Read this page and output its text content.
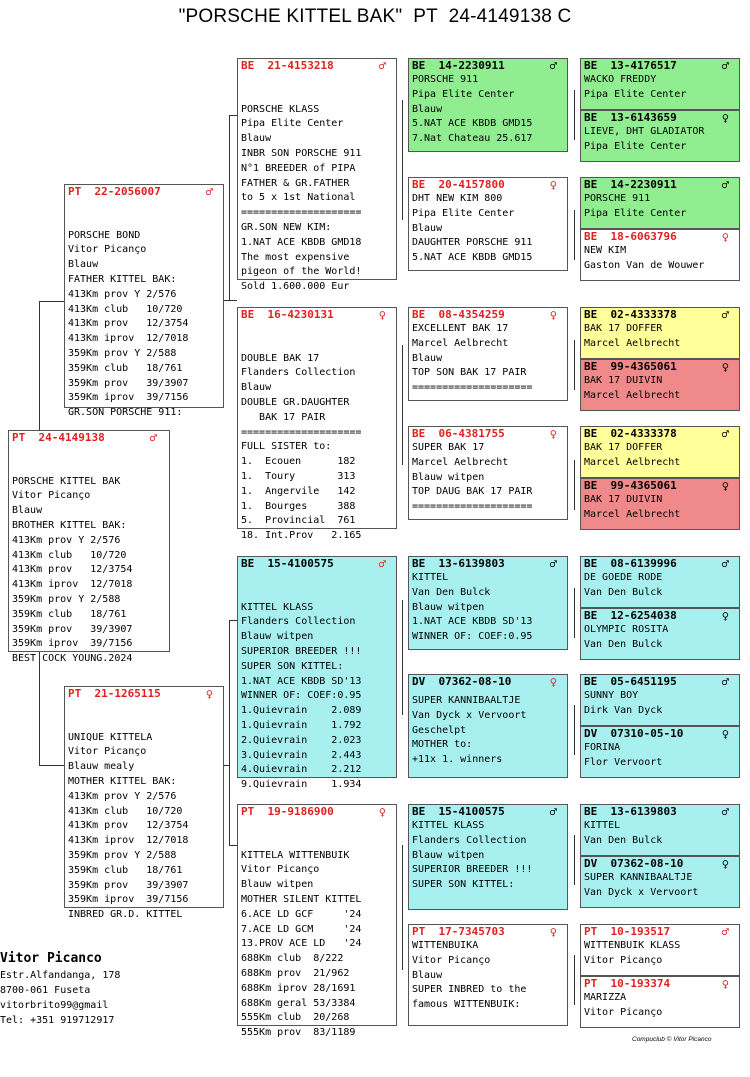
"PORSCHE KITTEL BAK"  PT  24-4149138 C
PT  24-4149138	♂

PORSCHE KITTEL BAK
Vitor Picanço
Blauw
BROTHER KITTEL BAK:
413Km prov Y 2/576
413Km club   10/720
413Km prov   12/3754
413Km iprov  12/7018
359Km prov Y 2/588
359Km club   18/761
359Km prov   39/3907
359Km iprov  39/7156
BEST COCK YOUNG.2024

PT  22-2056007	♂

PORSCHE BOND
Vitor Picanço
Blauw
FATHER KITTEL BAK:
413Km prov Y 2/576
413Km club   10/720
413Km prov   12/3754
413Km iprov  12/7018
359Km prov Y 2/588
359Km club   18/761
359Km prov   39/3907
359Km iprov  39/7156
GR.SON PORSCHE 911:

PT  21-1265115	♀

UNIQUE KITTELA
Vitor Picanço
Blauw mealy
MOTHER KITTEL BAK:
413Km prov Y 2/576
413Km club   10/720
413Km prov   12/3754
413Km iprov  12/7018
359Km prov Y 2/588
359Km club   18/761
359Km prov   39/3907
359Km iprov  39/7156
INBRED GR.D. KITTEL

BE  21-4153218	♂

PORSCHE KLASS
Pipa Elite Center
Blauw
INBR SON PORSCHE 911
N°1 BREEDER of PIPA
FATHER & GR.FATHER
to 5 x 1st National
====================
GR.SON NEW KIM:
1.NAT ACE KBDB GMD18
The most expensive
pigeon of the World!
Sold 1.600.000 Eur

BE  16-4230131	♀

DOUBLE BAK 17
Flanders Collection
Blauw
DOUBLE GR.DAUGHTER
BAK 17 PAIR
====================
FULL SISTER to:
1.  Ecouen      182
1.  Toury       313
1.  Angervile   142
1.  Bourges     388
5.  Provincial  761
18. Int.Prov   2.165

BE  15-4100575	♂

KITTEL KLASS
Flanders Collection
Blauw witpen
SUPERIOR BREEDER !!!
SUPER SON KITTEL:
1.NAT ACE KBDB SD'13
WINNER OF: COEF:0.95
1.Quievrain    2.089
1.Quievrain    1.792
2.Quievrain    2.023
3.Quievrain    2.443
4.Quievrain    2.212
9.Quievrain    1.934

PT  19-9186900	♀

KITTELA WITTENBUIK
Vitor Picanço
Blauw witpen
MOTHER SILENT KITTEL
6.ACE LD GCF     '24
7.ACE LD GCM     '24
13.PROV ACE LD   '24
688Km club  8/222
688Km prov  21/962
688Km iprov 28/1691
688Km geral 53/3384
555Km club  20/268
555Km prov  83/1189

BE  14-2230911	♂
PORSCHE 911
Pipa Elite Center
Blauw
5.NAT ACE KBDB GMD15
7.Nat Chateau 25.617
BE  20-4157800	♀
DHT NEW KIM 800
Pipa Elite Center
Blauw
DAUGHTER PORSCHE 911
5.NAT ACE KBDB GMD15
BE  08-4354259	♀
EXCELLENT BAK 17
Marcel Aelbrecht
Blauw
TOP SON BAK 17 PAIR
====================
BE  06-4381755	♀
SUPER BAK 17
Marcel Aelbrecht
Blauw witpen
TOP DAUG BAK 17 PAIR
====================
BE  13-6139803	♂
KITTEL
Van Den Bulck
Blauw witpen
1.NAT ACE KBDB SD'13
WINNER OF: COEF:0.95
DV  07362-08-10	♀
SUPER KANNIBAALTJE
Van Dyck x Vervoort
Geschelpt
MOTHER to:
+11x 1. winners
BE  15-4100575	♂
KITTEL KLASS
Flanders Collection
Blauw witpen
SUPERIOR BREEDER !!!
SUPER SON KITTEL:
PT  17-7345703	♀
WITTENBUIKA
Vitor Picanço
Blauw
SUPER INBRED to the
famous WITTENBUIK:
BE  13-4176517	♂
WACKO FREDDY
Pipa Elite Center
BE  13-6143659	♀
LIEVE, DHT GLADIATOR
Pipa Elite Center
BE  14-2230911	♂
PORSCHE 911
Pipa Elite Center
BE  18-6063796	♀
NEW KIM
Gaston Van de Wouwer
BE  02-4333378	♂
BAK 17 DOFFER
Marcel Aelbrecht
BE  99-4365061	♀
BAK 17 DUIVIN
Marcel Aelbrecht
BE  02-4333378	♂
BAK 17 DOFFER
Marcel Aelbrecht
BE  99-4365061	♀
BAK 17 DUIVIN
Marcel Aelbrecht
BE  08-6139996	♂
DE GOEDE RODE
Van Den Bulck
BE  12-6254038	♀
OLYMPIC ROSITA
Van Den Bulck
BE  05-6451195	♂
SUNNY BOY
Dirk Van Dyck
DV  07310-05-10	♀
FORINA
Flor Vervoort
BE  13-6139803	♂
KITTEL
Van Den Bulck
DV  07362-08-10	♀
SUPER KANNIBAALTJE
Van Dyck x Vervoort
PT  10-193517	♂
WITTENBUIK KLASS
Vitor Picanço
PT  10-193374	♀
MARIZZA
Vitor Picanço
Vitor Picanco
Estr.Alfandanga, 178
8700-061 Fuseta
vitorbrito99@gmail
Tel: +351 919712917
Compuclub © Vitor Picanco
